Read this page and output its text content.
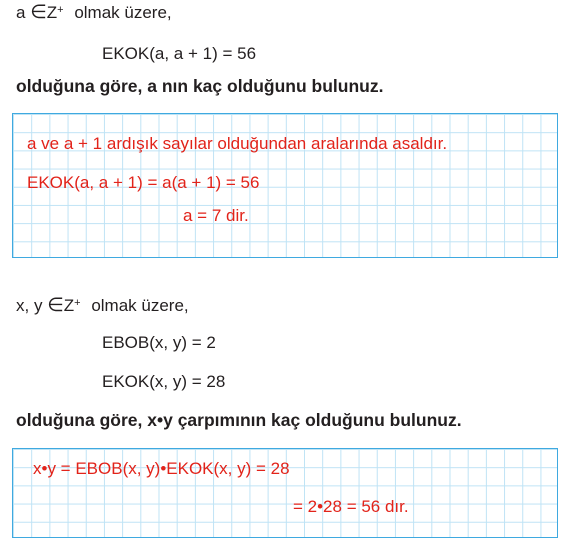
a ∈Z+ olmak üzere,
EKOK(a, a + 1) = 56
olduğuna göre, a nın kaç olduğunu bulunuz.
a ve a + 1 ardışık sayılar olduğundan aralarında asaldır.
EKOK(a, a + 1) = a(a + 1) = 56
a = 7 dir.
x, y ∈Z+ olmak üzere,
EBOB(x, y) = 2
EKOK(x, y) = 28
olduğuna göre, x•y çarpımının kaç olduğunu bulunuz.
x•y = EBOB(x, y)•EKOK(x, y) = 28
= 2•28 = 56 dır.
